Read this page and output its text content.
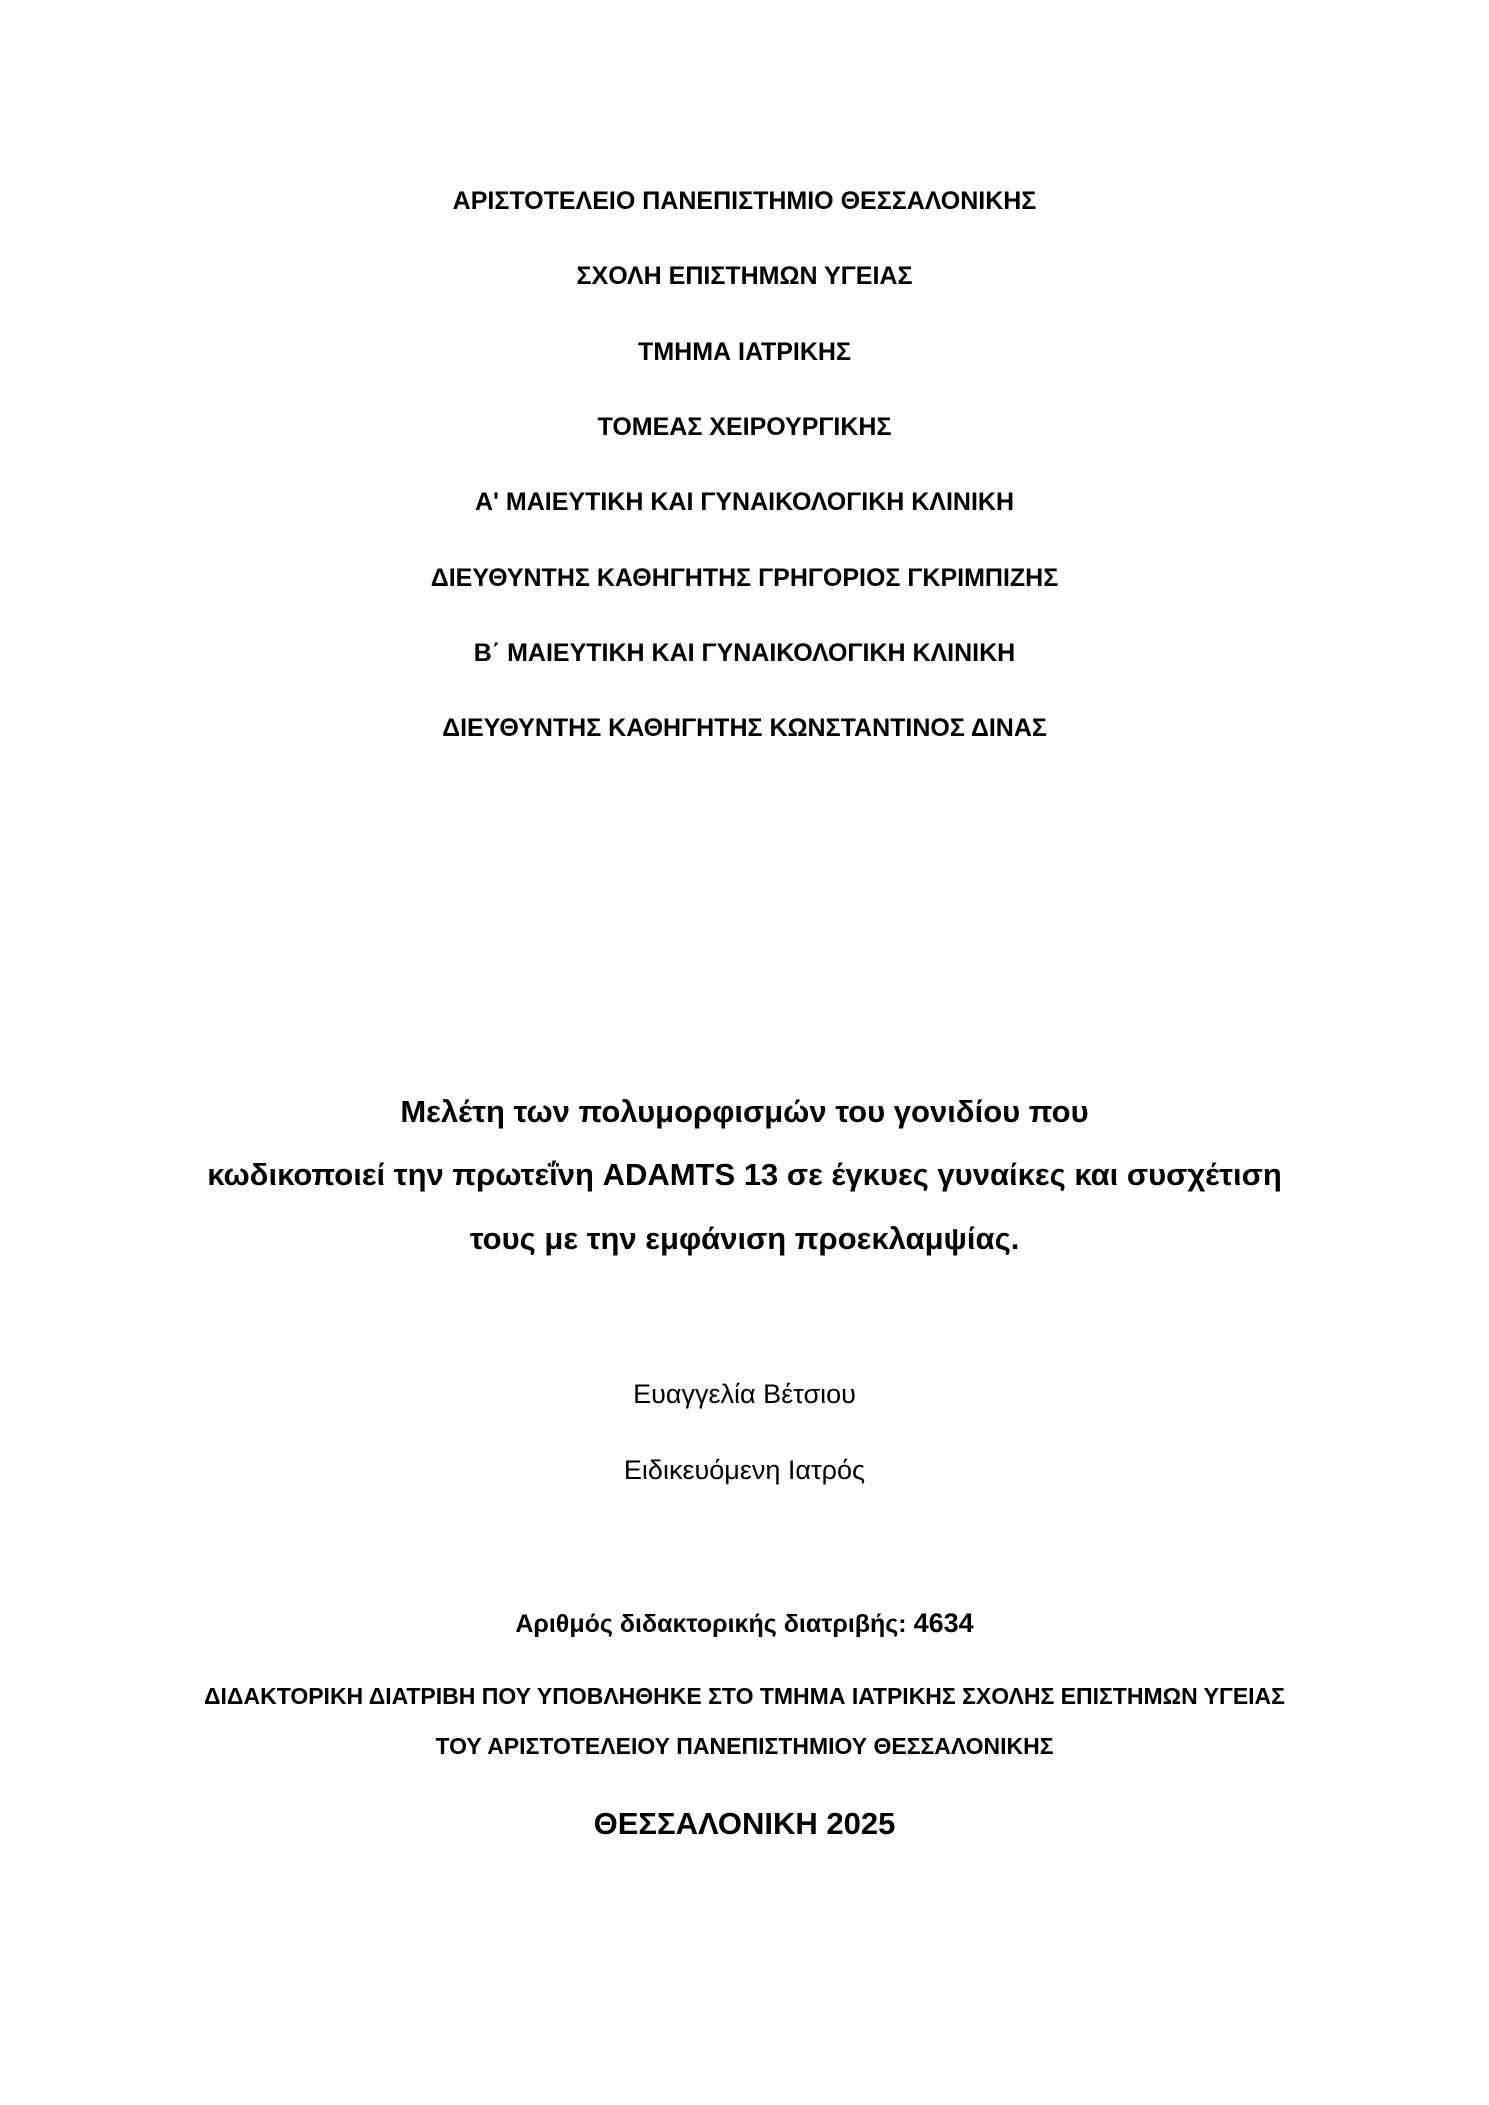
ΑΡΙΣΤΟΤΕΛΕΙΟ ΠΑΝΕΠΙΣΤΗΜΙΟ ΘΕΣΣΑΛΟΝΙΚΗΣ
ΣΧΟΛΗ ΕΠΙΣΤΗΜΩΝ ΥΓΕΙΑΣ
ΤΜΗΜΑ ΙΑΤΡΙΚΗΣ
ΤΟΜΕΑΣ ΧΕΙΡΟΥΡΓΙΚΗΣ
Α' ΜΑΙΕΥΤΙΚΗ ΚΑΙ ΓΥΝΑΙΚΟΛΟΓΙΚΗ ΚΛΙΝΙΚΗ
ΔΙΕΥΘΥΝΤΗΣ ΚΑΘΗΓΗΤΗΣ ΓΡΗΓΟΡΙΟΣ ΓΚΡΙΜΠΙΖΗΣ
Β΄ ΜΑΙΕΥΤΙΚΗ ΚΑΙ ΓΥΝΑΙΚΟΛΟΓΙΚΗ ΚΛΙΝΙΚΗ
ΔΙΕΥΘΥΝΤΗΣ ΚΑΘΗΓΗΤΗΣ ΚΩΝΣΤΑΝΤΙΝΟΣ ΔΙΝΑΣ
Μελέτη των πολυμορφισμών του γονιδίου που
κωδικοποιεί την πρωτεΐνη ADAMTS 13 σε έγκυες γυναίκες και συσχέτιση
τους με την εμφάνιση προεκλαμψίας.
Ευαγγελία Βέτσιου
Ειδικευόμενη Ιατρός
Αριθμός διδακτορικής διατριβής: 4634
ΔΙΔΑΚΤΟΡΙΚΗ ΔΙΑΤΡΙΒΗ ΠΟΥ ΥΠΟΒΛΗΘΗΚΕ ΣΤΟ ΤΜΗΜΑ ΙΑΤΡΙΚΗΣ ΣΧΟΛΗΣ ΕΠΙΣΤΗΜΩΝ ΥΓΕΙΑΣ
ΤΟΥ ΑΡΙΣΤΟΤΕΛΕΙΟΥ ΠΑΝΕΠΙΣΤΗΜΙΟΥ ΘΕΣΣΑΛΟΝΙΚΗΣ
ΘΕΣΣΑΛΟΝΙΚΗ 2025
